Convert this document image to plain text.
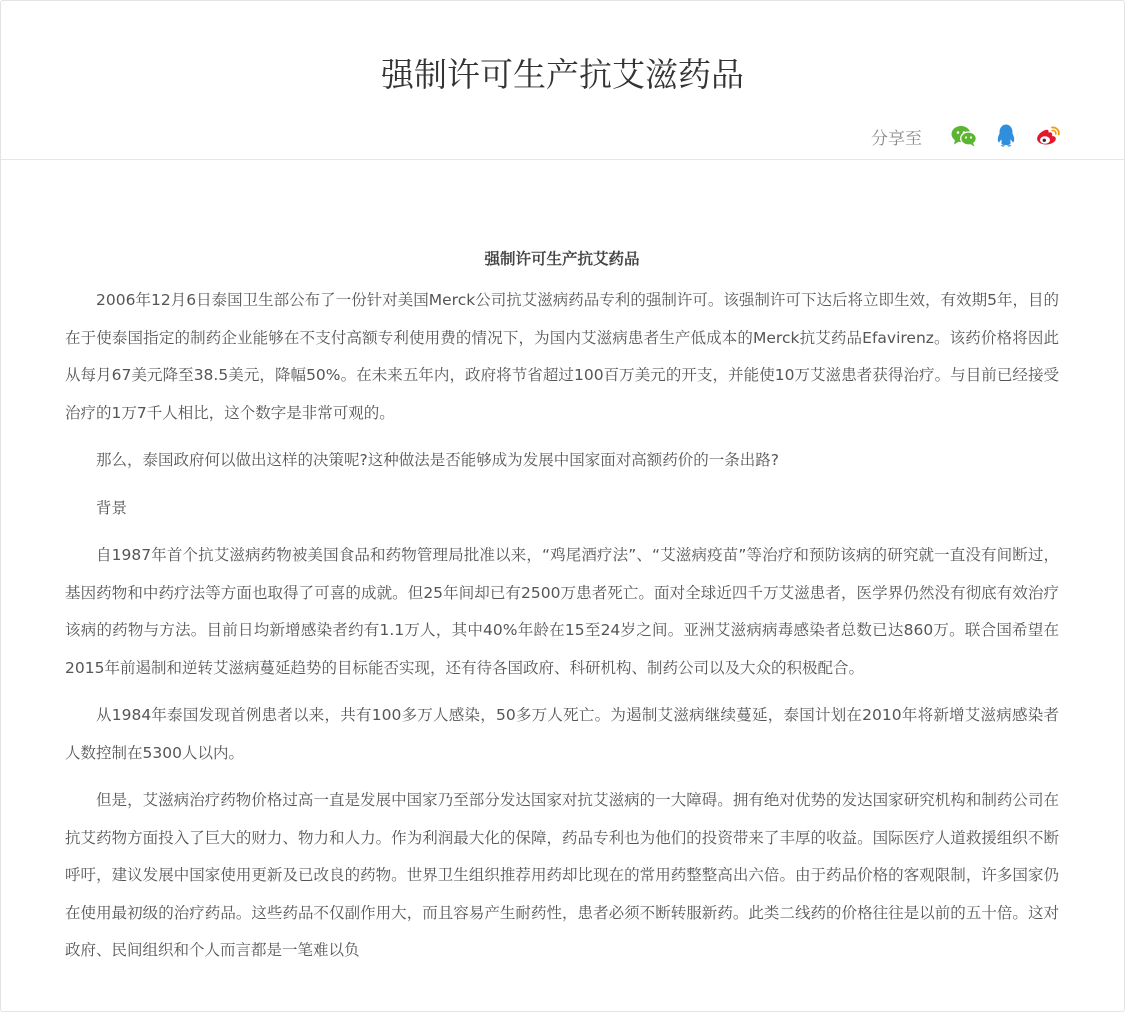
强制许可生产抗艾滋药品
分享至
强制许可生产抗艾药品

2006年12月6日泰国卫生部公布了一份针对美国Merck公司抗艾滋病药品专利的强制许可。该强制许可下达后将立即生效，有效期5年，目的在于使泰国指定的制药企业能够在不支付高额专利使用费的情况下，为国内艾滋病患者生产低成本的Merck抗艾药品Efavirenz。该药价格将因此从每月67美元降至38.5美元，降幅50%。在未来五年内，政府将节省超过100百万美元的开支，并能使10万艾滋患者获得治疗。与目前已经接受治疗的1万7千人相比，这个数字是非常可观的。

那么，泰国政府何以做出这样的决策呢?这种做法是否能够成为发展中国家面对高额药价的一条出路?

背景

自1987年首个抗艾滋病药物被美国食品和药物管理局批准以来，“鸡尾酒疗法”、“艾滋病疫苗”等治疗和预防该病的研究就一直没有间断过，基因药物和中药疗法等方面也取得了可喜的成就。但25年间却已有2500万患者死亡。面对全球近四千万艾滋患者，医学界仍然没有彻底有效治疗该病的药物与方法。目前日均新增感染者约有1.1万人，其中40%年龄在15至24岁之间。亚洲艾滋病病毒感染者总数已达860万。联合国希望在2015年前遏制和逆转艾滋病蔓延趋势的目标能否实现，还有待各国政府、科研机构、制药公司以及大众的积极配合。

从1984年泰国发现首例患者以来，共有100多万人感染，50多万人死亡。为遏制艾滋病继续蔓延，泰国计划在2010年将新增艾滋病感染者人数控制在5300人以内。

但是，艾滋病治疗药物价格过高一直是发展中国家乃至部分发达国家对抗艾滋病的一大障碍。拥有绝对优势的发达国家研究机构和制药公司在抗艾药物方面投入了巨大的财力、物力和人力。作为利润最大化的保障，药品专利也为他们的投资带来了丰厚的收益。国际医疗人道救援组织不断呼吁，建议发展中国家使用更新及已改良的药物。世界卫生组织推荐用药却比现在的常用药整整高出六倍。由于药品价格的客观限制，许多国家仍在使用最初级的治疗药品。这些药品不仅副作用大，而且容易产生耐药性，患者必须不断转服新药。此类二线药的价格往往是以前的五十倍。这对政府、民间组织和个人而言都是一笔难以负
